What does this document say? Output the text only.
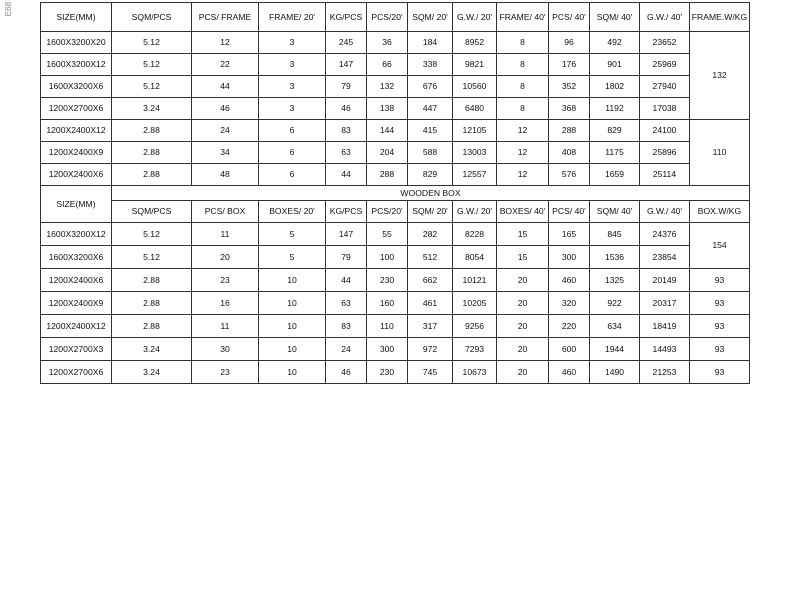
E68
SIZE(MM)	SQM/PCS	PCS/ FRAME	FRAME/ 20'	KG/PCS	PCS/20'	SQM/ 20'	G.W./ 20'	FRAME/ 40'	PCS/ 40'	SQM/ 40'	G.W./ 40'	FRAME.W/KG
1600X3200X20	5.12	12	3	245	36	184	8952	8	96	492	23652	132
1600X3200X12	5.12	22	3	147	66	338	9821	8	176	901	25969	
1600X3200X6	5.12	44	3	79	132	676	10560	8	352	1802	27940	
1200X2700X6	3.24	46	3	46	138	447	6480	8	368	1192	17038	
1200X2400X12	2.88	24	6	83	144	415	12105	12	288	829	24100	110
1200X2400X9	2.88	34	6	63	204	588	13003	12	408	1175	25896	
1200X2400X6	2.88	48	6	44	288	829	12557	12	576	1659	25114	
SIZE(MM)	WOODEN BOX											
	SQM/PCS	PCS/ BOX	BOXES/ 20'	KG/PCS	PCS/20'	SQM/ 20'	G.W./ 20'	BOXES/ 40'	PCS/ 40'	SQM/ 40'	G.W./ 40'	BOX.W/KG
1600X3200X12	5.12	11	5	147	55	282	8228	15	165	845	24376	154
1600X3200X6	5.12	20	5	79	100	512	8054	15	300	1536	23854	
1200X2400X6	2.88	23	10	44	230	662	10121	20	460	1325	20149	93
1200X2400X9	2.88	16	10	63	160	461	10205	20	320	922	20317	93
1200X2400X12	2.88	11	10	83	110	317	9256	20	220	634	18419	93
1200X2700X3	3.24	30	10	24	300	972	7293	20	600	1944	14493	93
1200X2700X6	3.24	23	10	46	230	745	10673	20	460	1490	21253	93
